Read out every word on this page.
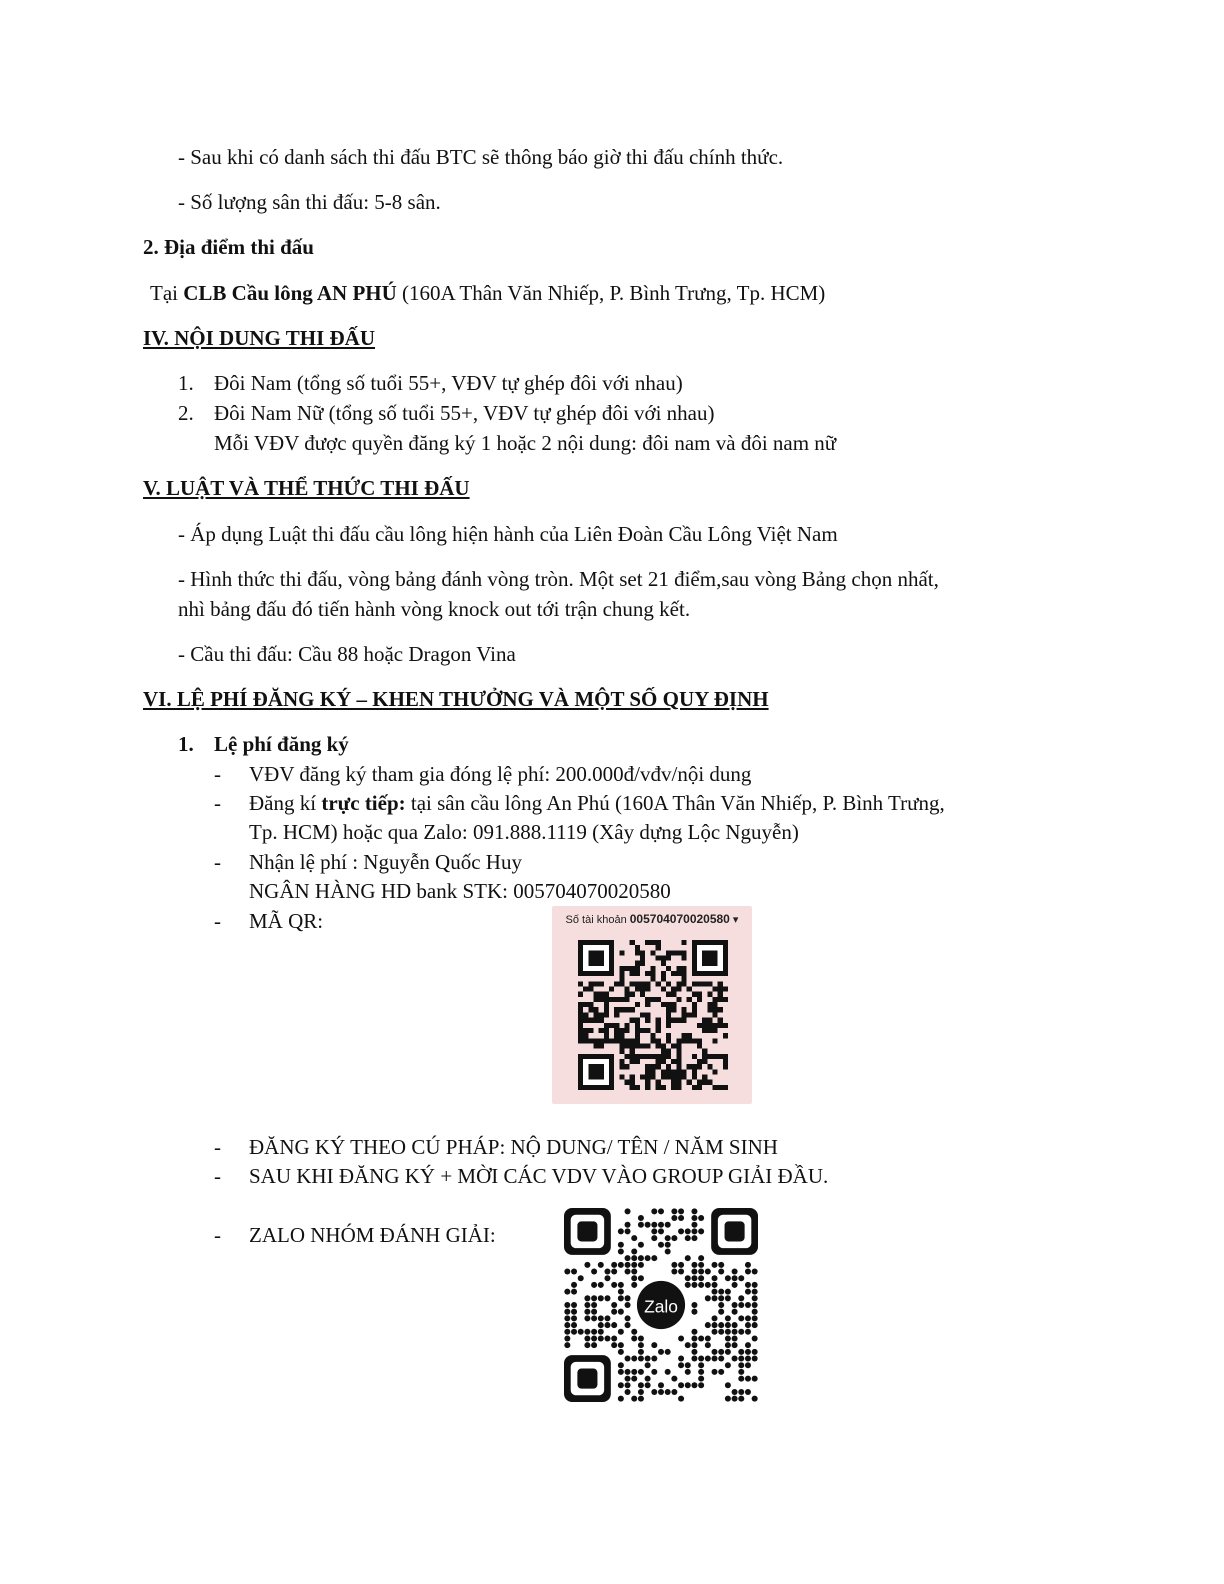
- Sau khi có danh sách thi đấu BTC sẽ thông báo giờ thi đấu chính thức.
- Số lượng sân thi đấu: 5-8 sân.
2. Địa điểm thi đấu
Tại CLB Cầu lông AN PHÚ (160A Thân Văn Nhiếp, P. Bình Trưng, Tp. HCM)
IV. NỘI DUNG THI ĐẤU
1. Đôi Nam (tổng số tuổi 55+, VĐV tự ghép đôi với nhau)
2. Đôi Nam Nữ (tổng số tuổi 55+, VĐV tự ghép đôi với nhau)
Mỗi VĐV được quyền đăng ký 1 hoặc 2 nội dung: đôi nam và đôi nam nữ
V. LUẬT VÀ THỂ THỨC THI ĐẤU
- Áp dụng Luật thi đấu cầu lông hiện hành của Liên Đoàn Cầu Lông Việt Nam
- Hình thức thi đấu, vòng bảng đánh vòng tròn. Một set 21 điểm,sau vòng Bảng chọn nhất,
nhì bảng đấu đó tiến hành vòng knock out tới trận chung kết.
- Cầu thi đấu: Cầu 88 hoặc Dragon Vina
VI. LỆ PHÍ ĐĂNG KÝ – KHEN THƯỞNG VÀ MỘT SỐ QUY ĐỊNH
1. Lệ phí đăng ký
- VĐV đăng ký tham gia đóng lệ phí: 200.000đ/vđv/nội dung
- Đăng kí trực tiếp: tại sân cầu lông An Phú (160A Thân Văn Nhiếp, P. Bình Trưng,
Tp. HCM) hoặc qua Zalo: 091.888.1119 (Xây dựng Lộc Nguyễn)
- Nhận lệ phí : Nguyễn Quốc Huy
NGÂN HÀNG HD bank STK: 005704070020580
- MÃ QR:	Số tài khoản 005704070020580 ▾
- ĐĂNG KÝ THEO CÚ PHÁP: NỘ DUNG/ TÊN / NĂM SINH
- SAU KHI ĐĂNG KÝ + MỜI CÁC VDV VÀO GROUP GIẢI ĐẦU.
- ZALO NHÓM ĐÁNH GIẢI:
Zalo
